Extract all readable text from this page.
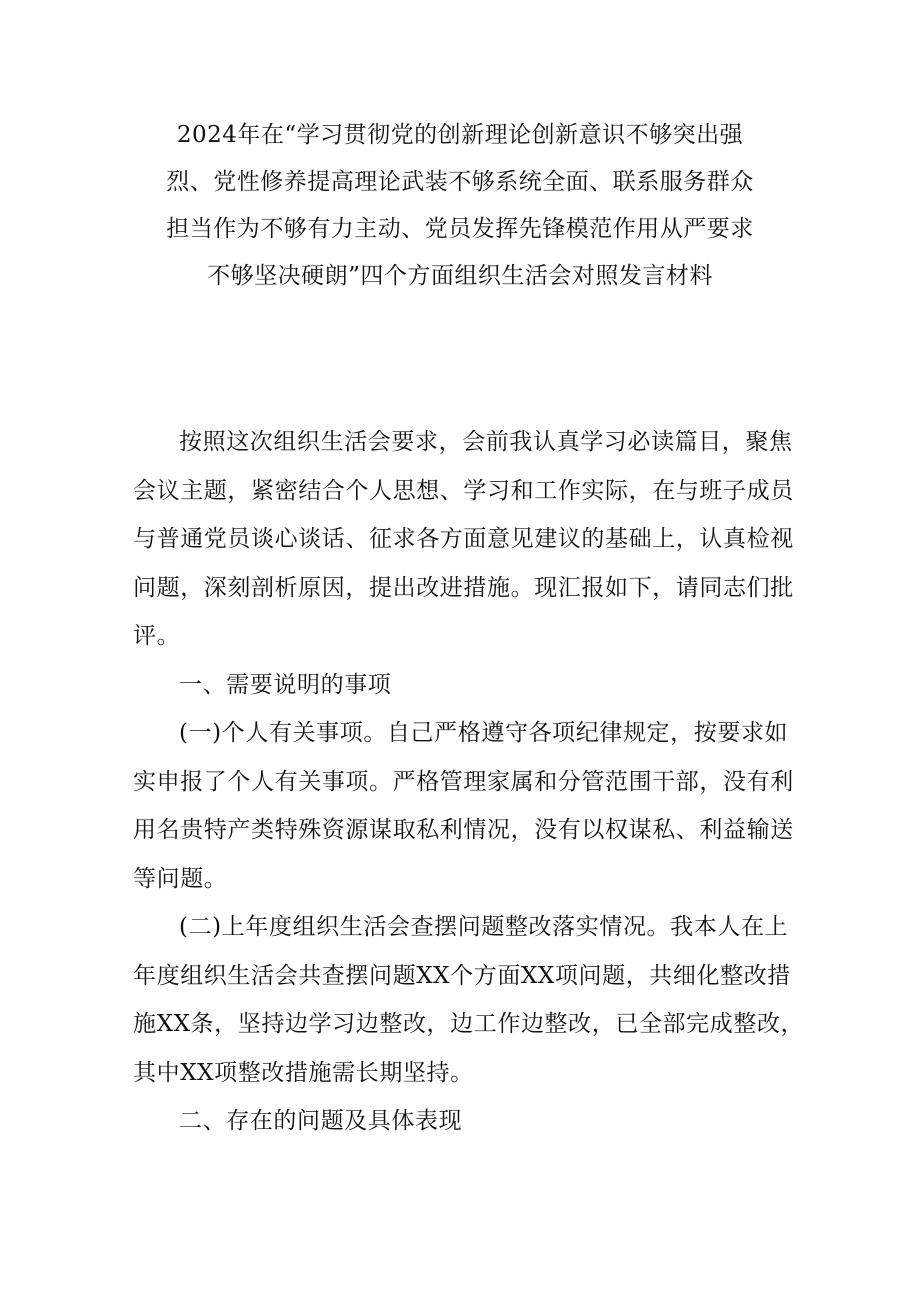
2024年在“学习贯彻党的创新理论创新意识不够突出强
烈、党性修养提高理论武装不够系统全面、联系服务群众
担当作为不够有力主动、党员发挥先锋模范作用从严要求
不够坚决硬朗”四个方面组织生活会对照发言材料
按照这次组织生活会要求，会前我认真学习必读篇目，聚焦
会议主题，紧密结合个人思想、学习和工作实际，在与班子成员
与普通党员谈心谈话、征求各方面意见建议的基础上，认真检视
问题，深刻剖析原因，提出改进措施。现汇报如下，请同志们批
评。
一、需要说明的事项
(一)个人有关事项。自己严格遵守各项纪律规定，按要求如
实申报了个人有关事项。严格管理家属和分管范围干部，没有利
用名贵特产类特殊资源谋取私利情况，没有以权谋私、利益输送
等问题。
(二)上年度组织生活会查摆问题整改落实情况。我本人在上
年度组织生活会共查摆问题XX个方面XX项问题，共细化整改措
施XX条，坚持边学习边整改，边工作边整改，已全部完成整改，
其中XX项整改措施需长期坚持。
二、存在的问题及具体表现
